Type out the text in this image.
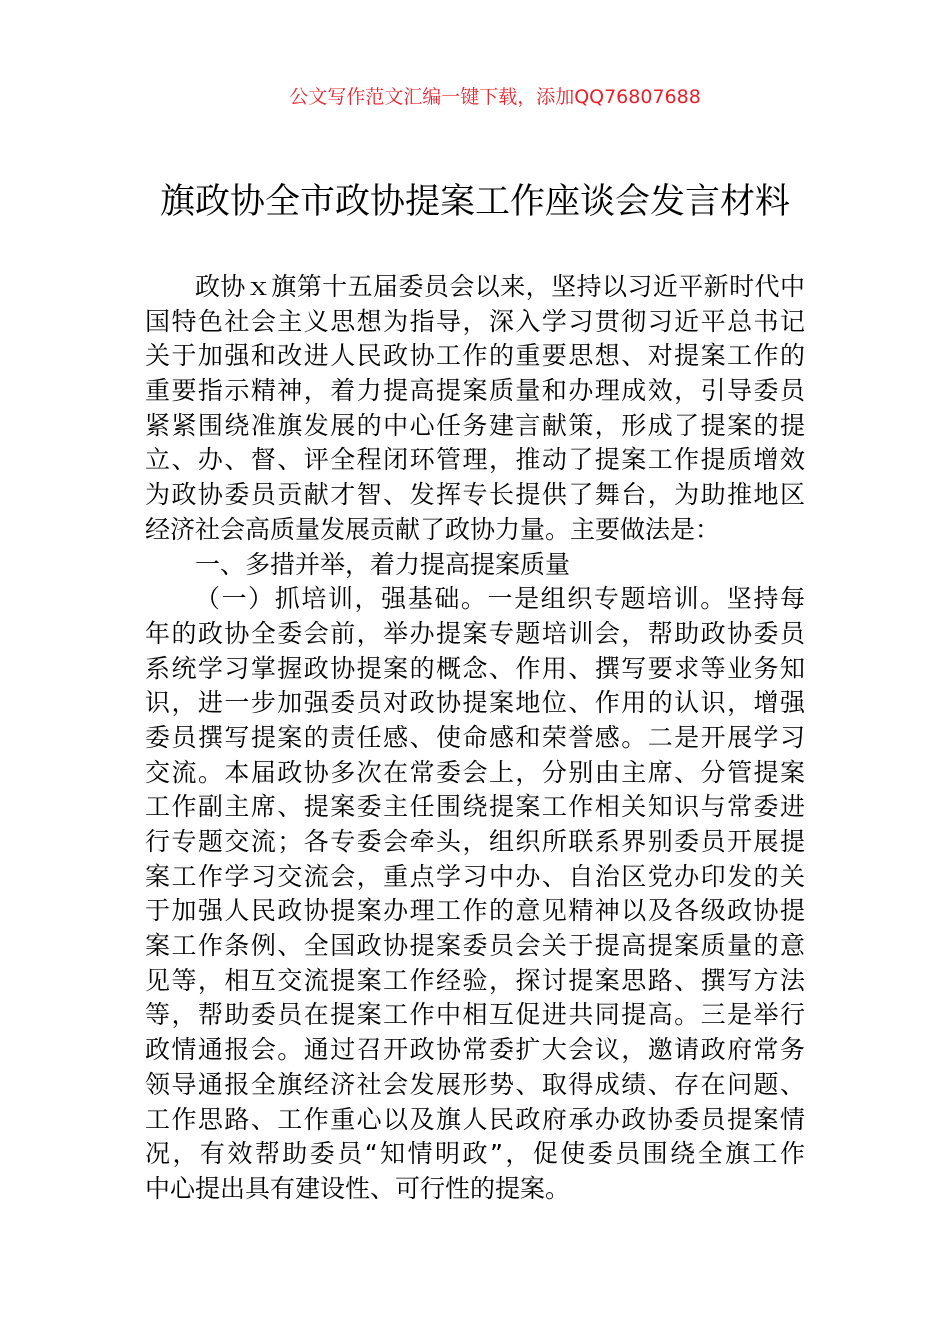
公文写作范文汇编一键下载，添加QQ76807688
旗政协全市政协提案工作座谈会发言材料
政协ｘ旗第十五届委员会以来，坚持以习近平新时代中
国特色社会主义思想为指导，深入学习贯彻习近平总书记
关于加强和改进人民政协工作的重要思想、对提案工作的
重要指示精神，着力提高提案质量和办理成效，引导委员
紧紧围绕准旗发展的中心任务建言献策，形成了提案的提
立、办、督、评全程闭环管理，推动了提案工作提质增效
为政协委员贡献才智、发挥专长提供了舞台，为助推地区
经济社会高质量发展贡献了政协力量。主要做法是：
一、多措并举，着力提高提案质量
（一）抓培训，强基础。一是组织专题培训。坚持每
年的政协全委会前，举办提案专题培训会，帮助政协委员
系统学习掌握政协提案的概念、作用、撰写要求等业务知
识，进一步加强委员对政协提案地位、作用的认识，增强
委员撰写提案的责任感、使命感和荣誉感。二是开展学习
交流。本届政协多次在常委会上，分别由主席、分管提案
工作副主席、提案委主任围绕提案工作相关知识与常委进
行专题交流；各专委会牵头，组织所联系界别委员开展提
案工作学习交流会，重点学习中办、自治区党办印发的关
于加强人民政协提案办理工作的意见精神以及各级政协提
案工作条例、全国政协提案委员会关于提高提案质量的意
见等，相互交流提案工作经验，探讨提案思路、撰写方法
等，帮助委员在提案工作中相互促进共同提高。三是举行
政情通报会。通过召开政协常委扩大会议，邀请政府常务
领导通报全旗经济社会发展形势、取得成绩、存在问题、
工作思路、工作重心以及旗人民政府承办政协委员提案情
况，有效帮助委员“知情明政”，促使委员围绕全旗工作
中心提出具有建设性、可行性的提案。
